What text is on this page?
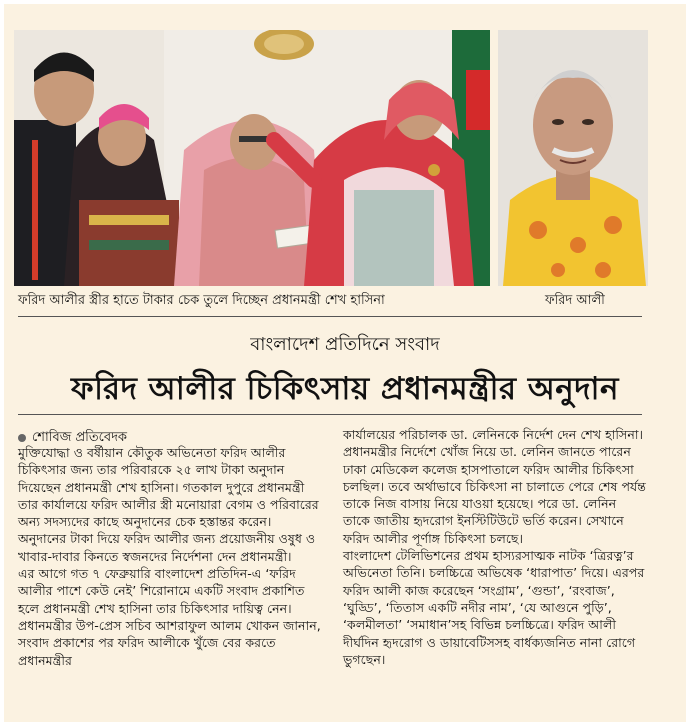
ফরিদ আলীর স্ত্রীর হাতে টাকার চেক তুলে দিচ্ছেন প্রধানমন্ত্রী শেখ হাসিনা	ফরিদ আলী
বাংলাদেশ প্রতিদিনে সংবাদ
ফরিদ আলীর চিকিৎসায় প্রধানমন্ত্রীর অনুদান
শোবিজ প্রতিবেদক

মুক্তিযোদ্ধা ও বর্ষীয়ান কৌতুক অভিনেতা ফরিদ আলীর চিকিৎসার জন্য তার পরিবারকে ২৫ লাখ টাকা অনুদান দিয়েছেন প্রধানমন্ত্রী শেখ হাসিনা। গতকাল দুপুরে প্রধানমন্ত্রী তার কার্যালয়ে ফরিদ আলীর স্ত্রী মনোয়ারা বেগম ও পরিবারের অন্য সদস্যদের কাছে অনুদানের চেক হস্তান্তর করেন। অনুদানের টাকা দিয়ে ফরিদ আলীর জন্য প্রয়োজনীয় ওষুধ ও খাবার-দাবার কিনতে স্বজনদের নির্দেশনা দেন প্রধানমন্ত্রী।

এর আগে গত ৭ ফেব্রুয়ারি বাংলাদেশ প্রতিদিন-এ ‘ফরিদ আলীর পাশে কেউ নেই’ শিরোনামে একটি সংবাদ প্রকাশিত হলে প্রধানমন্ত্রী শেখ হাসিনা তার চিকিৎসার দায়িত্ব নেন। প্রধানমন্ত্রীর উপ-প্রেস সচিব আশরাফুল আলম খোকন জানান, সংবাদ প্রকাশের পর ফরিদ আলীকে খুঁজে বের করতে প্রধানমন্ত্রীর

কার্যালয়ের পরিচালক ডা. লেনিনকে নির্দেশ দেন শেখ হাসিনা। প্রধানমন্ত্রীর নির্দেশে খোঁজ নিয়ে ডা. লেনিন জানতে পারেন ঢাকা মেডিকেল কলেজ হাসপাতালে ফরিদ আলীর চিকিৎসা চলছিল। তবে অর্থাভাবে চিকিৎসা না চালাতে পেরে শেষ পর্যন্ত তাকে নিজ বাসায় নিয়ে যাওয়া হয়েছে। পরে ডা. লেনিন তাকে জাতীয় হৃদরোগ ইনস্টিটিউটে ভর্তি করেন। সেখানে ফরিদ আলীর পূর্ণাঙ্গ চিকিৎসা চলছে।

বাংলাদেশ টেলিভিশনের প্রথম হাস্যরসাত্মক নাটক ‘ত্রিরত্ন’র অভিনেতা তিনি। চলচ্চিত্রে অভিষেক ‘ধারাপাত’ দিয়ে। এরপর ফরিদ আলী কাজ করেছেন ‘সংগ্রাম’, ‘গুন্ডা’, ‘রংবাজ’, ‘ঘুড্ডি’, ‘তিতাস একটি নদীর নাম’, ‘যে আগুনে পুড়ি’, ‘কলমীলতা’ ‘সমাধান’সহ বিভিন্ন চলচ্চিত্রে। ফরিদ আলী দীর্ঘদিন হৃদরোগ ও ডায়াবেটিসসহ বার্ধক্যজনিত নানা রোগে ভুগছেন।
